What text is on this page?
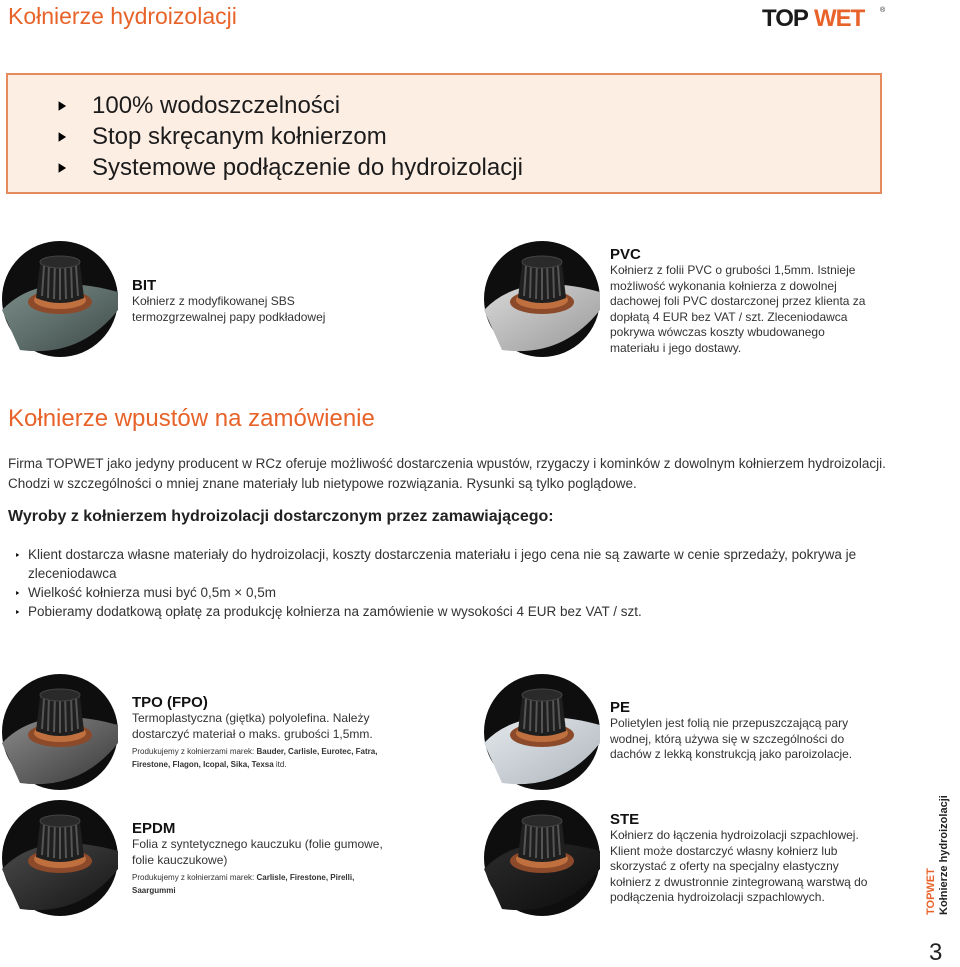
Kołnierze hydroizolacji	TOP WET ®
100% wodoszczelności
Stop skręcanym kołnierzom
Systemowe podłączenie do hydroizolacji
BIT
Kołnierz z modyfikowanej SBS termozgrzewalnej papy podkładowej
PVC
Kołnierz z folii PVC o grubości 1,5mm. Istnieje możliwość wykonania kołnierza z dowolnej dachowej foli PVC dostarczonej przez klienta za dopłatą 4 EUR bez VAT / szt. Zleceniodawca pokrywa wówczas koszty wbudowanego materiału i jego dostawy.
Kołnierze wpustów na zamówienie
Firma TOPWET jako jedyny producent w RCz oferuje możliwość dostarczenia wpustów, rzygaczy i kominków z dowolnym kołnierzem hydroizolacji. Chodzi w szczególności o mniej znane materiały lub nietypowe rozwiązania. Rysunki są tylko poglądowe.
Wyroby z kołnierzem hydroizolacji dostarczonym przez zamawiającego:
Klient dostarcza własne materiały do hydroizolacji, koszty dostarczenia materiału i jego cena nie są zawarte w cenie sprzedaży, pokrywa je zleceniodawca
Wielkość kołnierza musi być 0,5m × 0,5m
Pobieramy dodatkową opłatę za produkcję kołnierza na zamówienie w wysokości 4 EUR bez VAT / szt.
TPO (FPO)
Termoplastyczna (giętka) polyolefina. Należy dostarczyć materiał o maks. grubości 1,5mm.
Produkujemy z kołnierzami marek: Bauder, Carlisle, Eurotec, Fatra, Firestone, Flagon, Icopal, Sika, Texsa itd.
PE
Polietylen jest folią nie przepuszczającą pary wodnej, którą używa się w szczególności do dachów z lekką konstrukcją jako paroizolacje.
EPDM
Folia z syntetycznego kauczuku (folie gumowe, folie kauczukowe)
Produkujemy z kołnierzami marek: Carlisle, Firestone, Pirelli, Saargummi
STE
Kołnierz do łączenia hydroizolacji szpachlowej. Klient może dostarczyć własny kołnierz lub skorzystać z oferty na specjalny elastyczny kołnierz z dwustronnie zintegrowaną warstwą do podłączenia hydroizolacji szpachlowych.	TOPWET
Kołnierze hydroizolacji
3
